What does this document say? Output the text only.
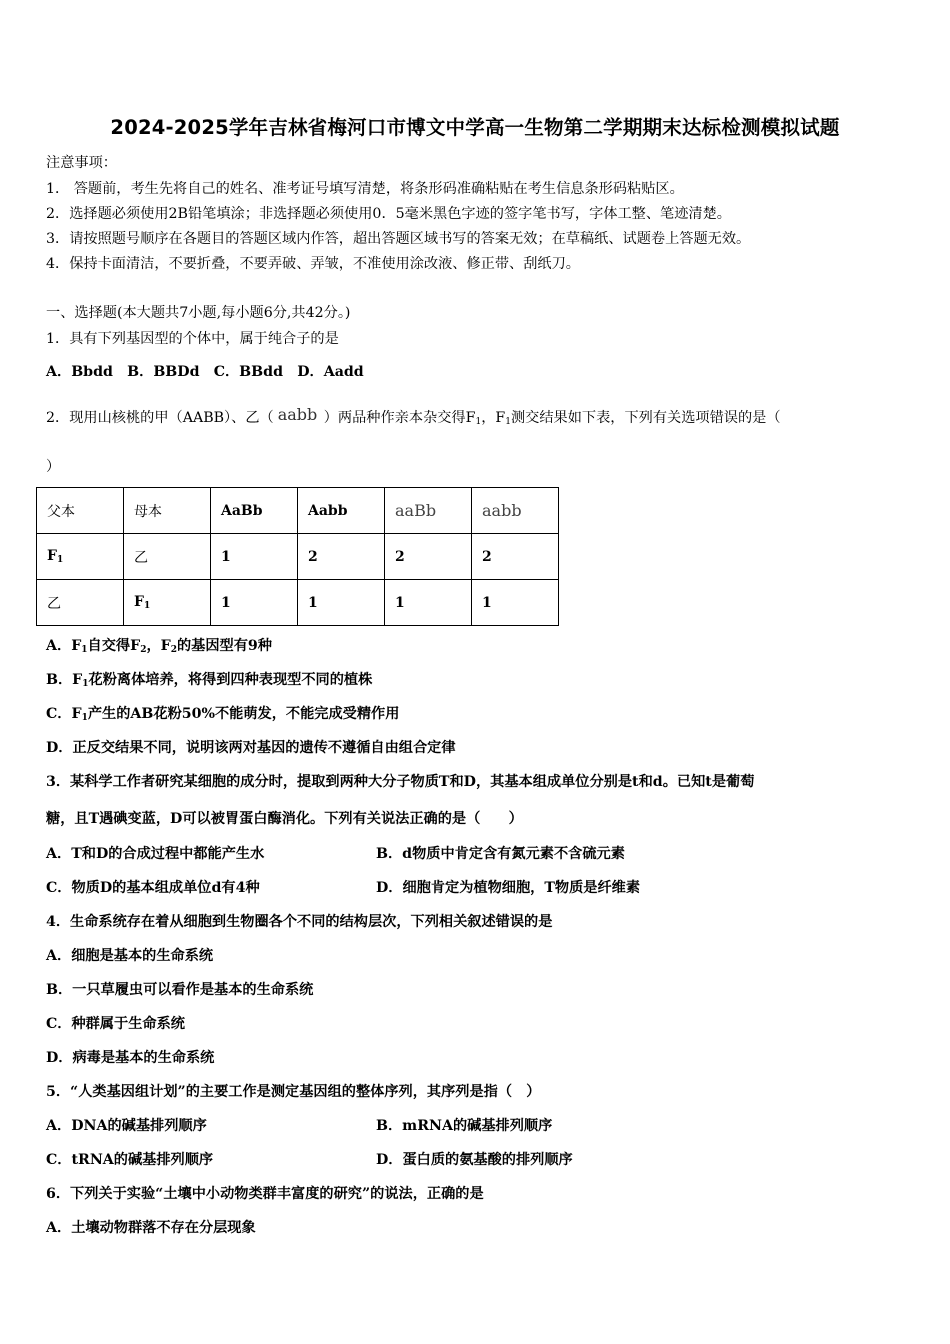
2024-2025学年吉林省梅河口市博文中学高一生物第二学期期末达标检测模拟试题
注意事项：
1． 答题前，考生先将自己的姓名、准考证号填写清楚，将条形码准确粘贴在考生信息条形码粘贴区。
2．选择题必须使用2B铅笔填涂；非选择题必须使用0．5毫米黑色字迹的签字笔书写，字体工整、笔迹清楚。
3．请按照题号顺序在各题目的答题区域内作答，超出答题区域书写的答案无效；在草稿纸、试题卷上答题无效。
4．保持卡面清洁，不要折叠，不要弄破、弄皱，不准使用涂改液、修正带、刮纸刀。
一、选择题(本大题共7小题,每小题6分,共42分。)
1．具有下列基因型的个体中，属于纯合子的是
A．Bbdd　B．BBDd　C．BBdd　D．Aadd
2．现用山核桃的甲（AABB）、乙（ aabb ）两品种作亲本杂交得$F_1$，$F_1$测交结果如下表，下列有关选项错误的是（
）
父本	母本	AaBb	Aabb	aaBb	aabb
$F_1$	乙	1	2	2	2
乙	$F_1$	1	1	1	1
A．$F_1$自交得$F_2$，$F_2$的基因型有9种
B．$F_1$花粉离体培养，将得到四种表现型不同的植株
C．$F_1$产生的AB花粉50%不能萌发，不能完成受精作用
D．正反交结果不同，说明该两对基因的遗传不遵循自由组合定律
3．某科学工作者研究某细胞的成分时，提取到两种大分子物质T和D，其基本组成单位分别是t和d。已知t是葡萄
糖，且T遇碘变蓝，D可以被胃蛋白酶消化。下列有关说法正确的是（　　）
A．T和D的合成过程中都能产生水	B．d物质中肯定含有氮元素不含硫元素
C．物质D的基本组成单位d有4种	D．细胞肯定为植物细胞，T物质是纤维素
4．生命系统存在着从细胞到生物圈各个不同的结构层次，下列相关叙述错误的是
A．细胞是基本的生命系统
B．一只草履虫可以看作是基本的生命系统
C．种群属于生命系统
D．病毒是基本的生命系统
5．“人类基因组计划”的主要工作是测定基因组的整体序列，其序列是指（　）
A．DNA的碱基排列顺序	B．mRNA的碱基排列顺序
C．tRNA的碱基排列顺序	D．蛋白质的氨基酸的排列顺序
6．下列关于实验“土壤中小动物类群丰富度的研究”的说法，正确的是
A．土壤动物群落不存在分层现象
